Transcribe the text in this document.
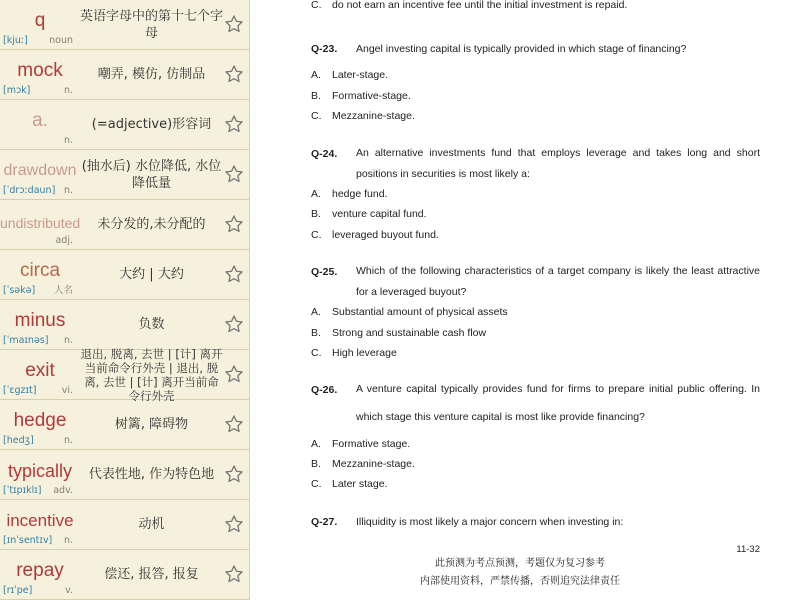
q
[kjuː] noun
英语字母中的第十七个字母
mock
[mɔk]	n.
嘲弄, 模仿, 仿制品
a.
n.
(=adjective)形容词
drawdown
[ˈdrɔːdaun] n.
(抽水后) 水位降低, 水位降低量
undistributed
adj.
未分发的,未分配的
circa
[ˈsəkə] 人名
大约 | 大约
minus
[ˈmaɪnəs] n.
负数
exit
[ˈɛgzɪt]	vi.
退出, 脱离, 去世 | [计] 离开当前命令行外壳 | 退出, 脱离, 去世 | [计] 离开当前命令行外壳
hedge
[hedʒ]	n.
树篱, 障碍物
typically
[ˈtɪpɪklɪ] adv.
代表性地, 作为特色地
incentive
[ɪnˈsentɪv] n.
动机
repay
[rɪˈpe]	v.
偿还, 报答, 报复
C. do not earn an incentive fee until the initial investment is repaid.
Q-23. Angel investing capital is typically provided in which stage of financing?
A. Later-stage.
B. Formative-stage.
C. Mezzanine-stage.
Q-24. An alternative investments fund that employs leverage and takes long and short
positions in securities is most likely a:
A. hedge fund.
B. venture capital fund.
C. leveraged buyout fund.
Q-25. Which of the following characteristics of a target company is likely the least attractive
for a leveraged buyout?
A. Substantial amount of physical assets
B. Strong and sustainable cash flow
C. High leverage
Q-26. A venture capital typically provides fund for firms to prepare initial public offering. In
which stage this venture capital is most like provide financing?
A. Formative stage.
B. Mezzanine-stage.
C. Later stage.
Q-27. Illiquidity is most likely a major concern when investing in:
11-32
此预测为考点预测，考题仅为复习参考
内部使用资料，严禁传播，否则追究法律责任
